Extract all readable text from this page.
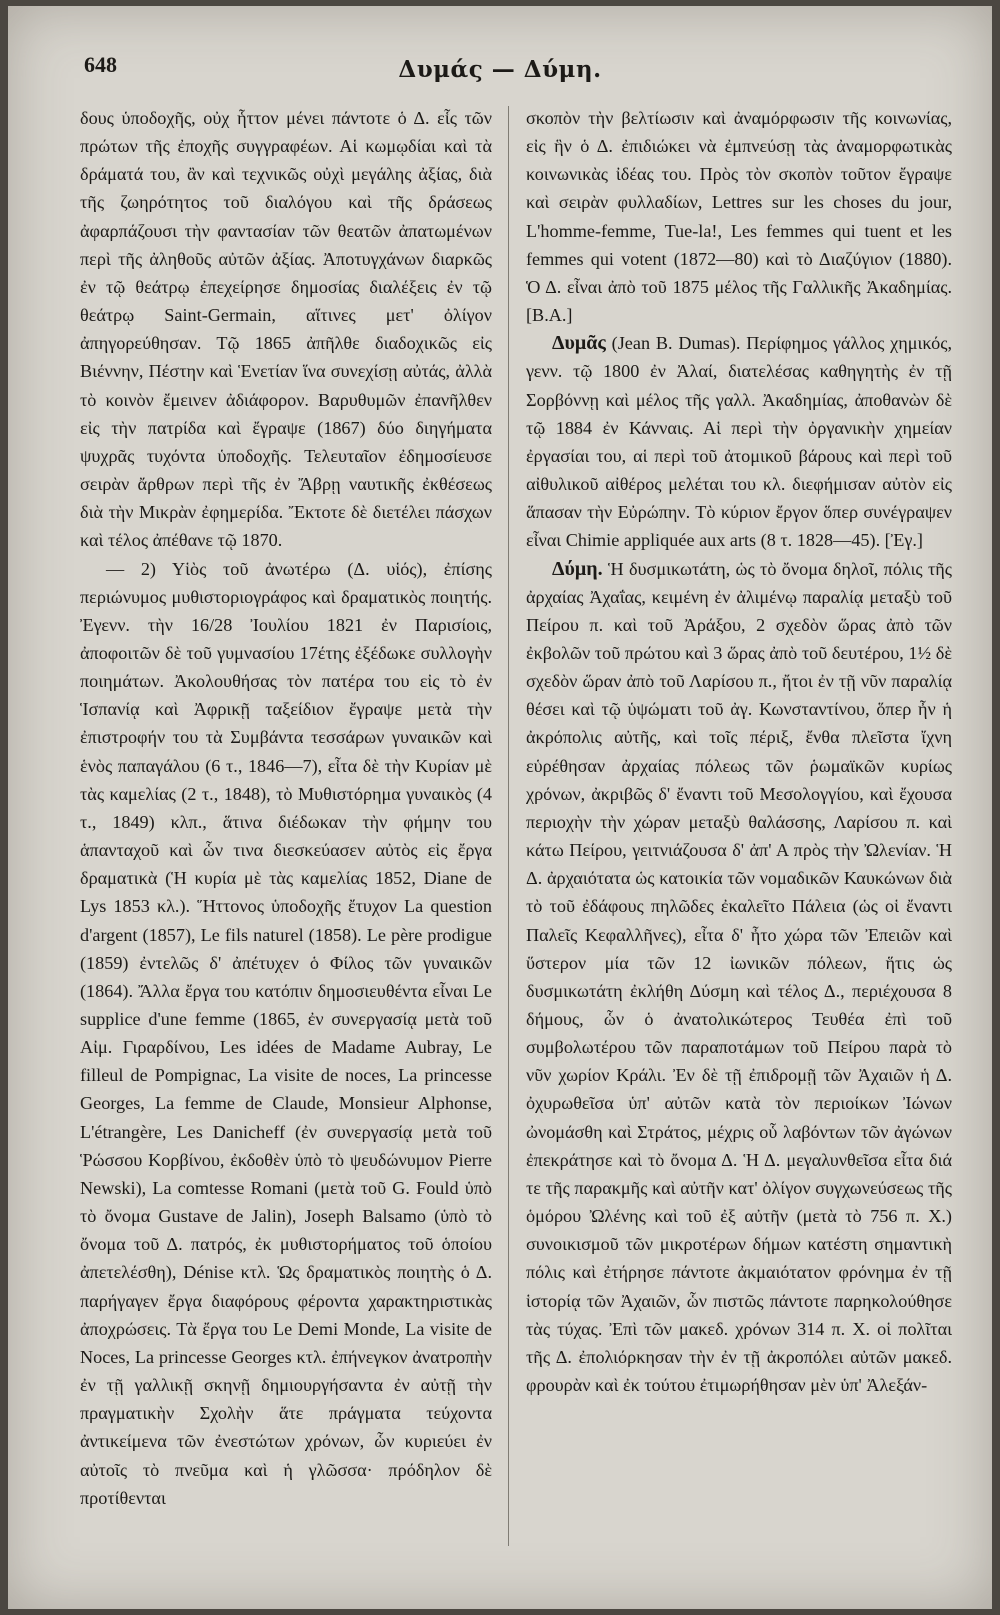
648	Δυμάς — Δύμη.

δους ὑποδοχῆς, οὐχ ἧττον μένει πάντοτε ὁ Δ. εἷς τῶν πρώτων τῆς ἐποχῆς συγγραφέων. Αἱ κωμῳδίαι καὶ τὰ δράματά του, ἂν καὶ τεχνικῶς οὐχὶ μεγάλης ἀξίας, διὰ τῆς ζωηρότητος τοῦ διαλόγου καὶ τῆς δράσεως ἀφαρπάζουσι τὴν φαντασίαν τῶν θεατῶν ἀπατωμένων περὶ τῆς ἀληθοῦς αὐτῶν ἀξίας. Ἀποτυγχάνων διαρκῶς ἐν τῷ θεάτρῳ ἐπεχείρησε δημοσίας διαλέξεις ἐν τῷ θεάτρῳ Saint-Germain, αἵτινες μετ' ὀλίγον ἀπηγορεύθησαν. Τῷ 1865 ἀπῆλθε διαδοχικῶς εἰς Βιέννην, Πέστην καὶ Ἑνετίαν ἵνα συνεχίσῃ αὐτάς, ἀλλὰ τὸ κοινὸν ἔμεινεν ἀδιάφορον. Βαρυθυμῶν ἐπανῆλθεν εἰς τὴν πατρίδα καὶ ἔγραψε (1867) δύο διηγήματα ψυχρᾶς τυχόντα ὑποδοχῆς. Τελευταῖον ἐδημοσίευσε σειρὰν ἄρθρων περὶ τῆς ἐν Ἄβρῃ ναυτικῆς ἐκθέσεως διὰ τὴν Μικρὰν ἐφημερίδα. Ἔκτοτε δὲ διετέλει πάσχων καὶ τέλος ἀπέθανε τῷ 1870.

— 2) Υἱὸς τοῦ ἀνωτέρω (Δ. υἱός), ἐπίσης περιώνυμος μυθιστοριογράφος καὶ δραματικὸς ποιητής. Ἐγενν. τὴν 16/28 Ἰουλίου 1821 ἐν Παρισίοις, ἀποφοιτῶν δὲ τοῦ γυμνασίου 17έτης ἐξέδωκε συλλογὴν ποιημάτων. Ἀκολουθήσας τὸν πατέρα του εἰς τὸ ἐν Ἱσπανίᾳ καὶ Ἀφρικῇ ταξείδιον ἔγραψε μετὰ τὴν ἐπιστροφήν του τὰ Συμβάντα τεσσάρων γυναικῶν καὶ ἑνὸς παπαγάλου (6 τ., 1846—7), εἶτα δὲ τὴν Κυρίαν μὲ τὰς καμελίας (2 τ., 1848), τὸ Μυθιστόρημα γυναικὸς (4 τ., 1849) κλπ., ἅτινα διέδωκαν τὴν φήμην του ἁπανταχοῦ καὶ ὧν τινα διεσκεύασεν αὐτὸς εἰς ἔργα δραματικὰ (Ἡ κυρία μὲ τὰς καμελίας 1852, Diane de Lys 1853 κλ.). Ἥττονος ὑποδοχῆς ἔτυχον La question d'argent (1857), Le fils naturel (1858). Le père prodigue (1859) ἐντελῶς δ' ἀπέτυχεν ὁ Φίλος τῶν γυναικῶν (1864). Ἄλλα ἔργα του κατόπιν δημοσιευθέντα εἶναι Le supplice d'une femme (1865, ἐν συνεργασίᾳ μετὰ τοῦ Αἰμ. Γιραρδίνου, Les idées de Madame Aubray, Le filleul de Pompignac, La visite de noces, La princesse Georges, La femme de Claude, Monsieur Alphonse, L'étrangère, Les Danicheff (ἐν συνεργασίᾳ μετὰ τοῦ Ῥώσσου Κορβίνου, ἐκδοθὲν ὑπὸ τὸ ψευδώνυμον Pierre Newski), La comtesse Romani (μετὰ τοῦ G. Fould ὑπὸ τὸ ὄνομα Gustave de Jalin), Joseph Balsamo (ὑπὸ τὸ ὄνομα τοῦ Δ. πατρός, ἐκ μυθιστορήματος τοῦ ὁποίου ἀπετελέσθη), Dénise κτλ. Ὡς δραματικὸς ποιητὴς ὁ Δ. παρήγαγεν ἔργα διαφόρους φέροντα χαρακτηριστικὰς ἀποχρώσεις. Τὰ ἔργα του Le Demi Monde, La visite de Noces, La princesse Georges κτλ. ἐπήνεγκον ἀνατροπὴν ἐν τῇ γαλλικῇ σκηνῇ δημιουργήσαντα ἐν αὐτῇ τὴν πραγματικὴν Σχολὴν ἅτε πράγματα τεύχοντα ἀντικείμενα τῶν ἐνεστώτων χρόνων, ὧν κυριεύει ἐν αὐτοῖς τὸ πνεῦμα καὶ ἡ γλῶσσα· πρόδηλον δὲ προτίθενται

σκοπὸν τὴν βελτίωσιν καὶ ἀναμόρφωσιν τῆς κοινωνίας, εἰς ἣν ὁ Δ. ἐπιδιώκει νὰ ἐμπνεύσῃ τὰς ἀναμορφωτικὰς κοινωνικὰς ἰδέας του. Πρὸς τὸν σκοπὸν τοῦτον ἔγραψε καὶ σειρὰν φυλλαδίων, Lettres sur les choses du jour, L'homme-femme, Tue-la!, Les femmes qui tuent et les femmes qui votent (1872—80) καὶ τὸ Διαζύγιον (1880). Ὁ Δ. εἶναι ἀπὸ τοῦ 1875 μέλος τῆς Γαλλικῆς Ἀκαδημίας. [Β.Α.]

Δυμᾶς (Jean B. Dumas). Περίφημος γάλλος χημικός, γενν. τῷ 1800 ἐν Ἀλαί, διατελέσας καθηγητὴς ἐν τῇ Σορβόννῃ καὶ μέλος τῆς γαλλ. Ἀκαδημίας, ἀποθανὼν δὲ τῷ 1884 ἐν Κάνναις. Αἱ περὶ τὴν ὀργανικὴν χημείαν ἐργασίαι του, αἱ περὶ τοῦ ἀτομικοῦ βάρους καὶ περὶ τοῦ αἰθυλικοῦ αἰθέρος μελέται του κλ. διεφήμισαν αὐτὸν εἰς ἅπασαν τὴν Εὐρώπην. Τὸ κύριον ἔργον ὅπερ συνέγραψεν εἶναι Chimie appliquée aux arts (8 τ. 1828—45). [Ἐγ.]

Δύμη. Ἡ δυσμικωτάτη, ὡς τὸ ὄνομα δηλοῖ, πόλις τῆς ἀρχαίας Ἀχαΐας, κειμένη ἐν ἀλιμένῳ παραλίᾳ μεταξὺ τοῦ Πείρου π. καὶ τοῦ Ἀράξου, 2 σχεδὸν ὥρας ἀπὸ τῶν ἐκβολῶν τοῦ πρώτου καὶ 3 ὥρας ἀπὸ τοῦ δευτέρου, 1½ δὲ σχεδὸν ὥραν ἀπὸ τοῦ Λαρίσου π., ἤτοι ἐν τῇ νῦν παραλίᾳ θέσει καὶ τῷ ὑψώματι τοῦ ἀγ. Κωνσταντίνου, ὅπερ ἦν ἡ ἀκρόπολις αὐτῆς, καὶ τοῖς πέριξ, ἔνθα πλεῖστα ἴχνη εὑρέθησαν ἀρχαίας πόλεως τῶν ῥωμαϊκῶν κυρίως χρόνων, ἀκριβῶς δ' ἔναντι τοῦ Μεσολογγίου, καὶ ἔχουσα περιοχὴν τὴν χώραν μεταξὺ θαλάσσης, Λαρίσου π. καὶ κάτω Πείρου, γειτνιάζουσα δ' ἀπ' Α πρὸς τὴν Ὠλενίαν. Ἡ Δ. ἀρχαιότατα ὡς κατοικία τῶν νομαδικῶν Καυκώνων διὰ τὸ τοῦ ἐδάφους πηλῶδες ἐκαλεῖτο Πάλεια (ὡς οἱ ἔναντι Παλεῖς Κεφαλλῆνες), εἶτα δ' ἦτο χώρα τῶν Ἐπειῶν καὶ ὕστερον μία τῶν 12 ἰωνικῶν πόλεων, ἥτις ὡς δυσμικωτάτη ἐκλήθη Δύσμη καὶ τέλος Δ., περιέχουσα 8 δήμους, ὧν ὁ ἀνατολικώτερος Τευθέα ἐπὶ τοῦ συμβολωτέρου τῶν παραποτάμων τοῦ Πείρου παρὰ τὸ νῦν χωρίον Κράλι. Ἐν δὲ τῇ ἐπιδρομῇ τῶν Ἀχαιῶν ἡ Δ. ὀχυρωθεῖσα ὑπ' αὐτῶν κατὰ τὸν περιοίκων Ἰώνων ὠνομάσθη καὶ Στράτος, μέχρις οὗ λαβόντων τῶν ἀγώνων ἐπεκράτησε καὶ τὸ ὄνομα Δ. Ἡ Δ. μεγαλυνθεῖσα εἶτα διά τε τῆς παρακμῆς καὶ αὐτῆν κατ' ὀλίγον συγχωνεύσεως τῆς ὁμόρου Ὠλένης καὶ τοῦ ἐξ αὐτῆν (μετὰ τὸ 756 π. Χ.) συνοικισμοῦ τῶν μικροτέρων δήμων κατέστη σημαντικὴ πόλις καὶ ἐτήρησε πάντοτε ἀκμαιότατον φρόνημα ἐν τῇ ἱστορίᾳ τῶν Ἀχαιῶν, ὧν πιστῶς πάντοτε παρηκολούθησε τὰς τύχας. Ἐπὶ τῶν μακεδ. χρόνων 314 π. Χ. οἱ πολῖται τῆς Δ. ἐπολιόρκησαν τὴν ἐν τῇ ἀκροπόλει αὐτῶν μακεδ. φρουρὰν καὶ ἐκ τούτου ἐτιμωρήθησαν μὲν ὑπ' Ἀλεξάν-
